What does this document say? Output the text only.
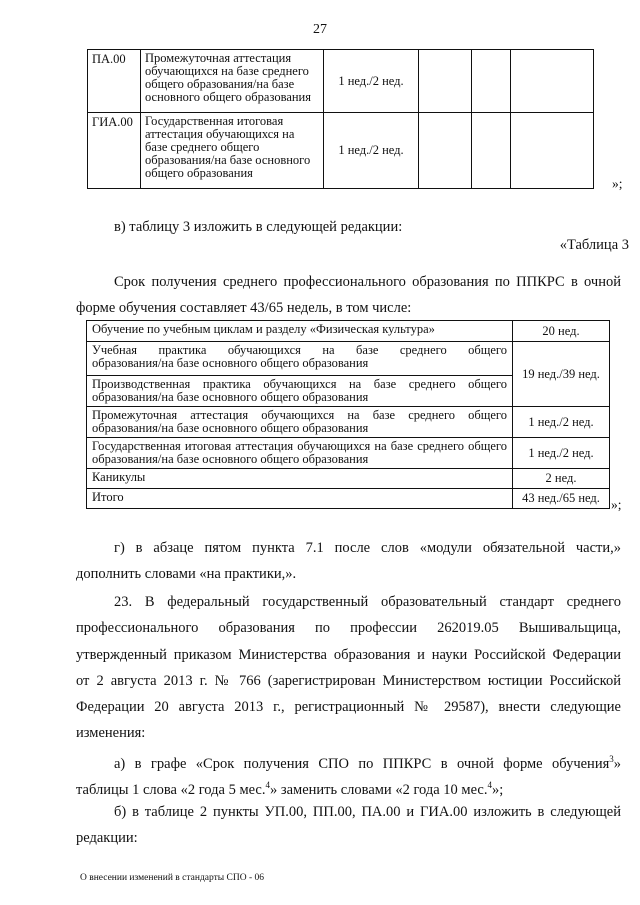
27
ПА.00	Промежуточная аттестация обучающихся на базе среднего общего образования/на базе основного общего образования	1 нед./2 нед.			
ГИА.00	Государственная итоговая аттестация обучающихся на базе среднего общего образования/на базе основного общего образования	1 нед./2 нед.			
»;
в) таблицу 3 изложить в следующей редакции:
«Таблица 3
Срок получения среднего профессионального образования по ППКРС в очной
форме обучения составляет 43/65 недель, в том числе:
Обучение по учебным циклам и разделу «Физическая культура»	20 нед.

Учебная практика обучающихся на базе среднего общего
образования/на базе основного общего образования	19 нед./39 нед.
Производственная практика обучающихся на базе среднего общего образования/на базе основного общего образования	
Промежуточная аттестация обучающихся на базе среднего общего образования/на базе основного общего образования	1 нед./2 нед.
Государственная итоговая аттестация обучающихся на базе среднего общего образования/на базе основного общего образования	1 нед./2 нед.
Каникулы	2 нед.
Итого	43 нед./65 нед. »;
г) в абзаце пятом пункта 7.1 после слов «модули обязательной части,»
дополнить словами «на практики,».
23. В федеральный государственный образовательный стандарт среднего
профессионального образования по профессии 262019.05 Вышивальщица,
утвержденный приказом Министерства образования и науки Российской Федерации
от 2 августа 2013 г. № 766 (зарегистрирован Министерством юстиции Российской
Федерации 20 августа 2013 г., регистрационный № 29587), внести следующие
изменения:
а) в графе «Срок получения СПО по ППКРС в очной форме обучения$^3$»
таблицы 1 слова «2 года 5 мес.$^4$» заменить словами «2 года 10 мес.$^4$»;
б) в таблице 2 пункты УП.00, ПП.00, ПА.00 и ГИА.00 изложить в следующей
редакции:
О внесении изменений в стандарты СПО - 06
